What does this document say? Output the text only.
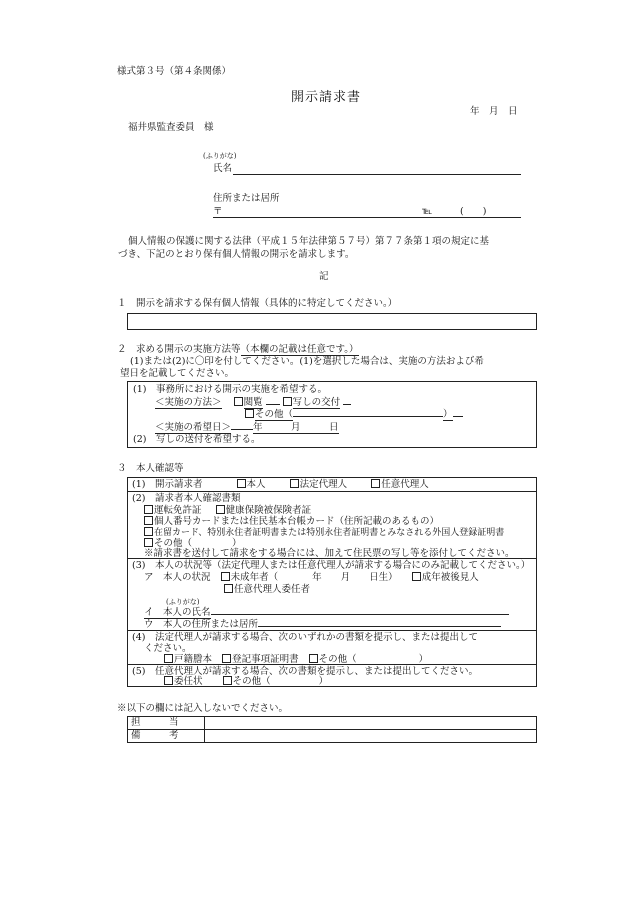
様式第３号（第４条関係）
開示請求書
年　月　日
福井県監査委員　様
(ふりがな)
氏名
住所または居所
〒	℡	(　　)
個人情報の保護に関する法律（平成１５年法律第５７号）第７７条第１項の規定に基
づき、下記のとおり保有個人情報の開示を請求します。
記
１　開示を請求する保有個人情報（具体的に特定してください。）
２　求める開示の実施方法等（本欄の記載は任意です。）
(1)または(2)に〇印を付してください。(1)を選択した場合は、実施の方法および希
望日を記載してください。
(1)　事務所における開示の実施を希望する。
＜実施の方法＞ 閲覧	写しの交付
その他（	）
＜実施の希望日＞ 年　　　月　　　日
(2)　写しの送付を希望する。
３　本人確認等
(1)　開示請求者	本人	法定代理人	任意代理人
(2)　請求者本人確認書類
運転免許証	健康保険被保険者証
個人番号カードまたは住民基本台帳カード（住所記載のあるもの）
在留カード、特別永住者証明書または特別永住者証明書とみなされる外国人登録証明書
その他（	）
※請求書を送付して請求をする場合には、加えて住民票の写し等を添付してください。
(3)　本人の状況等（法定代理人または任意代理人が請求する場合にのみ記載してください。）
ア　本人の状況 未成年者（	年　　月　　日生）	成年被後見人
任意代理人委任者
(ふりがな)
イ　本人の氏名
ウ　本人の住所または居所
(4)　法定代理人が請求する場合、次のいずれかの書類を提示し、または提出して
ください。
戸籍謄本 登記事項証明書 その他（	）
(5)　任意代理人が請求する場合、次の書類を提示し、または提出してください。
委任状	その他（	）
※以下の欄には記入しないでください。
担　　　当	
備　　　考	
